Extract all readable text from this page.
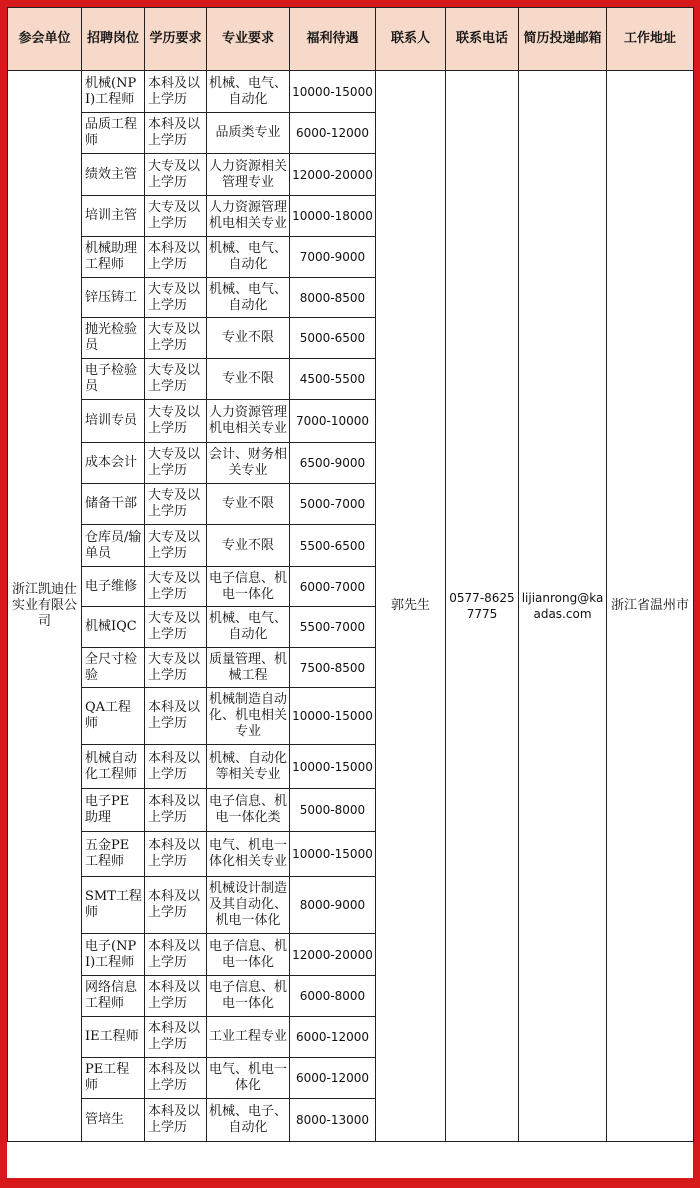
参会单位	招聘岗位	学历要求	专业要求	福利待遇	联系人	联系电话	简历投递邮箱	工作地址
浙江凯迪仕实业有限公司	机械(NPI)工程师	本科及以上学历	机械、电气、自动化	10000-15000	郭先生	0577-86257775	lijianrong@kaadas.com	浙江省温州市
	品质工程师	本科及以上学历	品质类专业	6000-12000				
	绩效主管	大专及以上学历	人力资源相关管理专业	12000-20000				
	培训主管	大专及以上学历	人力资源管理机电相关专业	10000-18000				
	机械助理工程师	本科及以上学历	机械、电气、自动化	7000-9000				
	锌压铸工	大专及以上学历	机械、电气、自动化	8000-8500				
	抛光检验员	大专及以上学历	专业不限	5000-6500				
	电子检验员	大专及以上学历	专业不限	4500-5500				
	培训专员	大专及以上学历	人力资源管理机电相关专业	7000-10000				
	成本会计	大专及以上学历	会计、财务相关专业	6500-9000				
	储备干部	大专及以上学历	专业不限	5000-7000				
	仓库员/输单员	大专及以上学历	专业不限	5500-6500				
	电子维修	大专及以上学历	电子信息、机电一体化	6000-7000				
	机械IQC	大专及以上学历	机械、电气、自动化	5500-7000				
	全尺寸检验	大专及以上学历	质量管理、机械工程	7500-8500				
	QA工程师	本科及以上学历	机械制造自动化、机电相关专业	10000-15000				
	机械自动化工程师	本科及以上学历	机械、自动化等相关专业	10000-15000				
	电子PE助理	本科及以上学历	电子信息、机电一体化类	5000-8000				
	五金PE工程师	本科及以上学历	电气、机电一体化相关专业	10000-15000				
	SMT工程师	本科及以上学历	机械设计制造及其自动化、机电一体化	8000-9000				
	电子(NPI)工程师	本科及以上学历	电子信息、机电一体化	12000-20000				
	网络信息工程师	本科及以上学历	电子信息、机电一体化	6000-8000				
	IE工程师	本科及以上学历	工业工程专业	6000-12000				
	PE工程师	本科及以上学历	电气、机电一体化	6000-12000				
	管培生	本科及以上学历	机械、电子、自动化	8000-13000				
